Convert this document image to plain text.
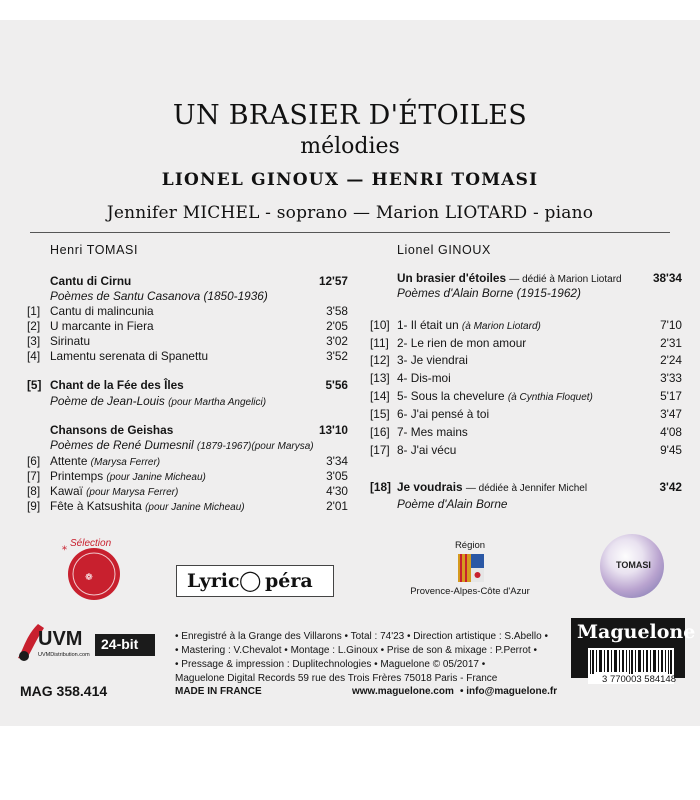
UN BRASIER D'ÉTOILES
mélodies
LIONEL GINOUX — HENRI TOMASI
Jennifer MICHEL - soprano — Marion LIOTARD - piano
Henri TOMASI
Cantu di Cirnu	12'57
Poèmes de Santu Casanova (1850-1936)
[1] Cantu di malincunia	3'58
[2] U marcante in Fiera	2'05
[3] Sirinatu	3'02
[4] Lamentu serenata di Spanettu	3'52
[5] Chant de la Fée des Îles	5'56
Poème de Jean-Louis (pour Martha Angelici)
Chansons de Geishas	13'10
Poèmes de René Dumesnil (1879-1967)(pour Marysa)
[6] Attente (Marysa Ferrer)	3'34
[7] Printemps (pour Janine Micheau)	3'05
[8] Kawaï (pour Marysa Ferrer)	4'30
[9] Fête à Katsushita (pour Janine Micheau)	2'01
Lionel GINOUX
Un brasier d'étoiles — dédié à Marion Liotard	38'34
Poèmes d'Alain Borne (1915-1962)
[10] 1- Il était un (à Marion Liotard)	7'10
[11] 2- Le rien de mon amour	2'31
[12] 3- Je viendrai	2'24
[13] 4- Dis-moi	3'33
[14] 5- Sous la chevelure (à Cynthia Floquet)	5'17
[15] 6- J'ai pensé à toi	3'47
[16] 7- Mes mains	4'08
[17] 8- J'ai vécu	9'45
[18] Je voudrais — dédiée à Jennifer Michel	3'42
Poème d'Alain Borne
*
❁
Sélection
Lyric ◯ péra
Région
Provence-Alpes-Côte d'Azur
TOMASI
UVM
UVMDistribution.com
24-bit
MAG 358.414
• Enregistré à la Grange des Villarons • Total : 74'23 • Direction artistique : S.Abello •
• Mastering : V.Chevalot • Montage : L.Ginoux • Prise de son & mixage : P.Perrot •
• Pressage & impression : Duplitechnologies • Maguelone © 05/2017 •
Maguelone Digital Records 59 rue des Trois Frères 75018 Paris - France
MADE IN FRANCE	www.maguelone.com • info@maguelone.fr
Maguelone
3 770003 584148
